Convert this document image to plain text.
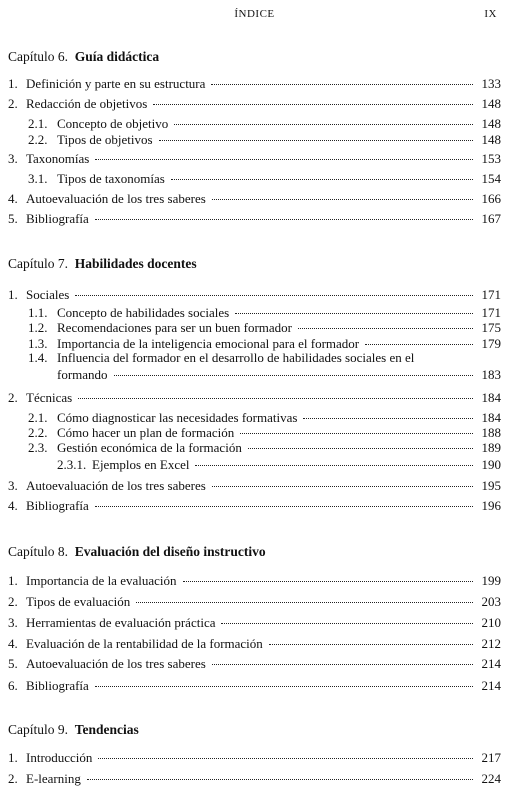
ÍNDICE	IX
Capítulo 6. Guía didáctica
1. Definición y parte en su estructura	133
2. Redacción de objetivos	148
2.1. Concepto de objetivo	148
2.2. Tipos de objetivos	148
3. Taxonomías	153
3.1. Tipos de taxonomías	154
4. Autoevaluación de los tres saberes	166
5. Bibliografía	167
Capítulo 7. Habilidades docentes
1. Sociales	171
1.1. Concepto de habilidades sociales	171
1.2. Recomendaciones para ser un buen formador	175
1.3. Importancia de la inteligencia emocional para el formador	179
1.4. Influencia del formador en el desarrollo de habilidades sociales en el
formando	183
2. Técnicas	184
2.1. Cómo diagnosticar las necesidades formativas	184
2.2. Cómo hacer un plan de formación	188
2.3. Gestión económica de la formación	189
2.3.1. Ejemplos en Excel	190
3. Autoevaluación de los tres saberes	195
4. Bibliografía	196
Capítulo 8. Evaluación del diseño instructivo
1. Importancia de la evaluación	199
2. Tipos de evaluación	203
3. Herramientas de evaluación práctica	210
4. Evaluación de la rentabilidad de la formación	212
5. Autoevaluación de los tres saberes	214
6. Bibliografía	214
Capítulo 9. Tendencias
1. Introducción	217
2. E-learning	224
